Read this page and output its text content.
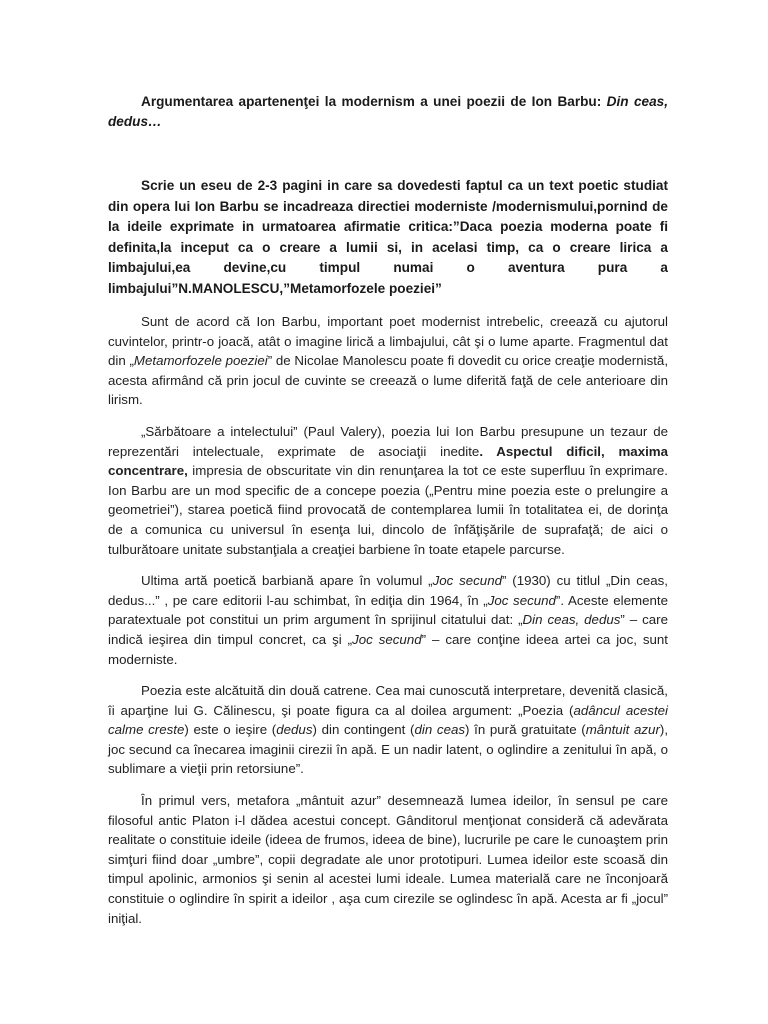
Argumentarea apartenenţei la modernism a unei poezii de Ion Barbu: Din ceas, dedus…

Scrie un eseu de 2-3 pagini in care sa dovedesti faptul ca un text poetic studiat din opera lui Ion Barbu se incadreaza directiei moderniste /modernismului,pornind de la ideile exprimate in urmatoarea afirmatie critica:”Daca poezia moderna poate fi definita,la inceput ca o creare a lumii si, in acelasi timp, ca o creare lirica a limbajului,ea devine,cu timpul numai o aventura pura a limbajului”N.MANOLESCU,”Metamorfozele poeziei”

Sunt de acord că Ion Barbu, important poet modernist intrebelic, creează cu ajutorul cuvintelor, printr-o joacă, atât o imagine lirică a limbajului, cât şi o lume aparte. Fragmentul dat din „Metamorfozele poeziei” de Nicolae Manolescu poate fi dovedit cu orice creaţie modernistă, acesta afirmând că prin jocul de cuvinte se creează o lume diferită faţă de cele anterioare din lirism.

„Sărbătoare a intelectului” (Paul Valery), poezia lui Ion Barbu presupune un tezaur de reprezentări intelectuale, exprimate de asociaţii inedite. Aspectul dificil, maxima concentrare, impresia de obscuritate vin din renunţarea la tot ce este superfluu în exprimare. Ion Barbu are un mod specific de a concepe poezia („Pentru mine poezia este o prelungire a geometriei”), starea poetică fiind provocată de contemplarea lumii în totalitatea ei, de dorinţa de a comunica cu universul în esenţa lui, dincolo de înfăţişările de suprafaţă; de aici o tulburătoare unitate substanţiala a creaţiei barbiene în toate etapele parcurse.

Ultima artă poetică barbiană apare în volumul „Joc secund” (1930) cu titlul „Din ceas, dedus...” , pe care editorii l-au schimbat, în ediţia din 1964, în „Joc secund”. Aceste elemente paratextuale pot constitui un prim argument în sprijinul citatului dat: „Din ceas, dedus” – care indică ieşirea din timpul concret, ca şi „Joc secund” – care conţine ideea artei ca joc, sunt moderniste.

Poezia este alcătuită din două catrene. Cea mai cunoscută interpretare, devenită clasică, îi aparţine lui G. Călinescu, şi poate figura ca al doilea argument: „Poezia (adâncul acestei calme creste) este o ieşire (dedus) din contingent (din ceas) în pură gratuitate (mântuit azur), joc secund ca înecarea imaginii cirezii în apă. E un nadir latent, o oglindire a zenitului în apă, o sublimare a vieţii prin retorsiune”.

În primul vers, metafora „mântuit azur” desemnează lumea ideilor, în sensul pe care filosoful antic Platon i-l dădea acestui concept. Gânditorul menţionat consideră că adevărata realitate o constituie ideile (ideea de frumos, ideea de bine), lucrurile pe care le cunoaştem prin simţuri fiind doar „umbre”, copii degradate ale unor prototipuri. Lumea ideilor este scoasă din timpul apolinic, armonios şi senin al acestei lumi ideale. Lumea materială care ne înconjoară constituie o oglindire în spirit a ideilor , aşa cum cirezile se oglindesc în apă. Acesta ar fi „jocul” iniţial.
